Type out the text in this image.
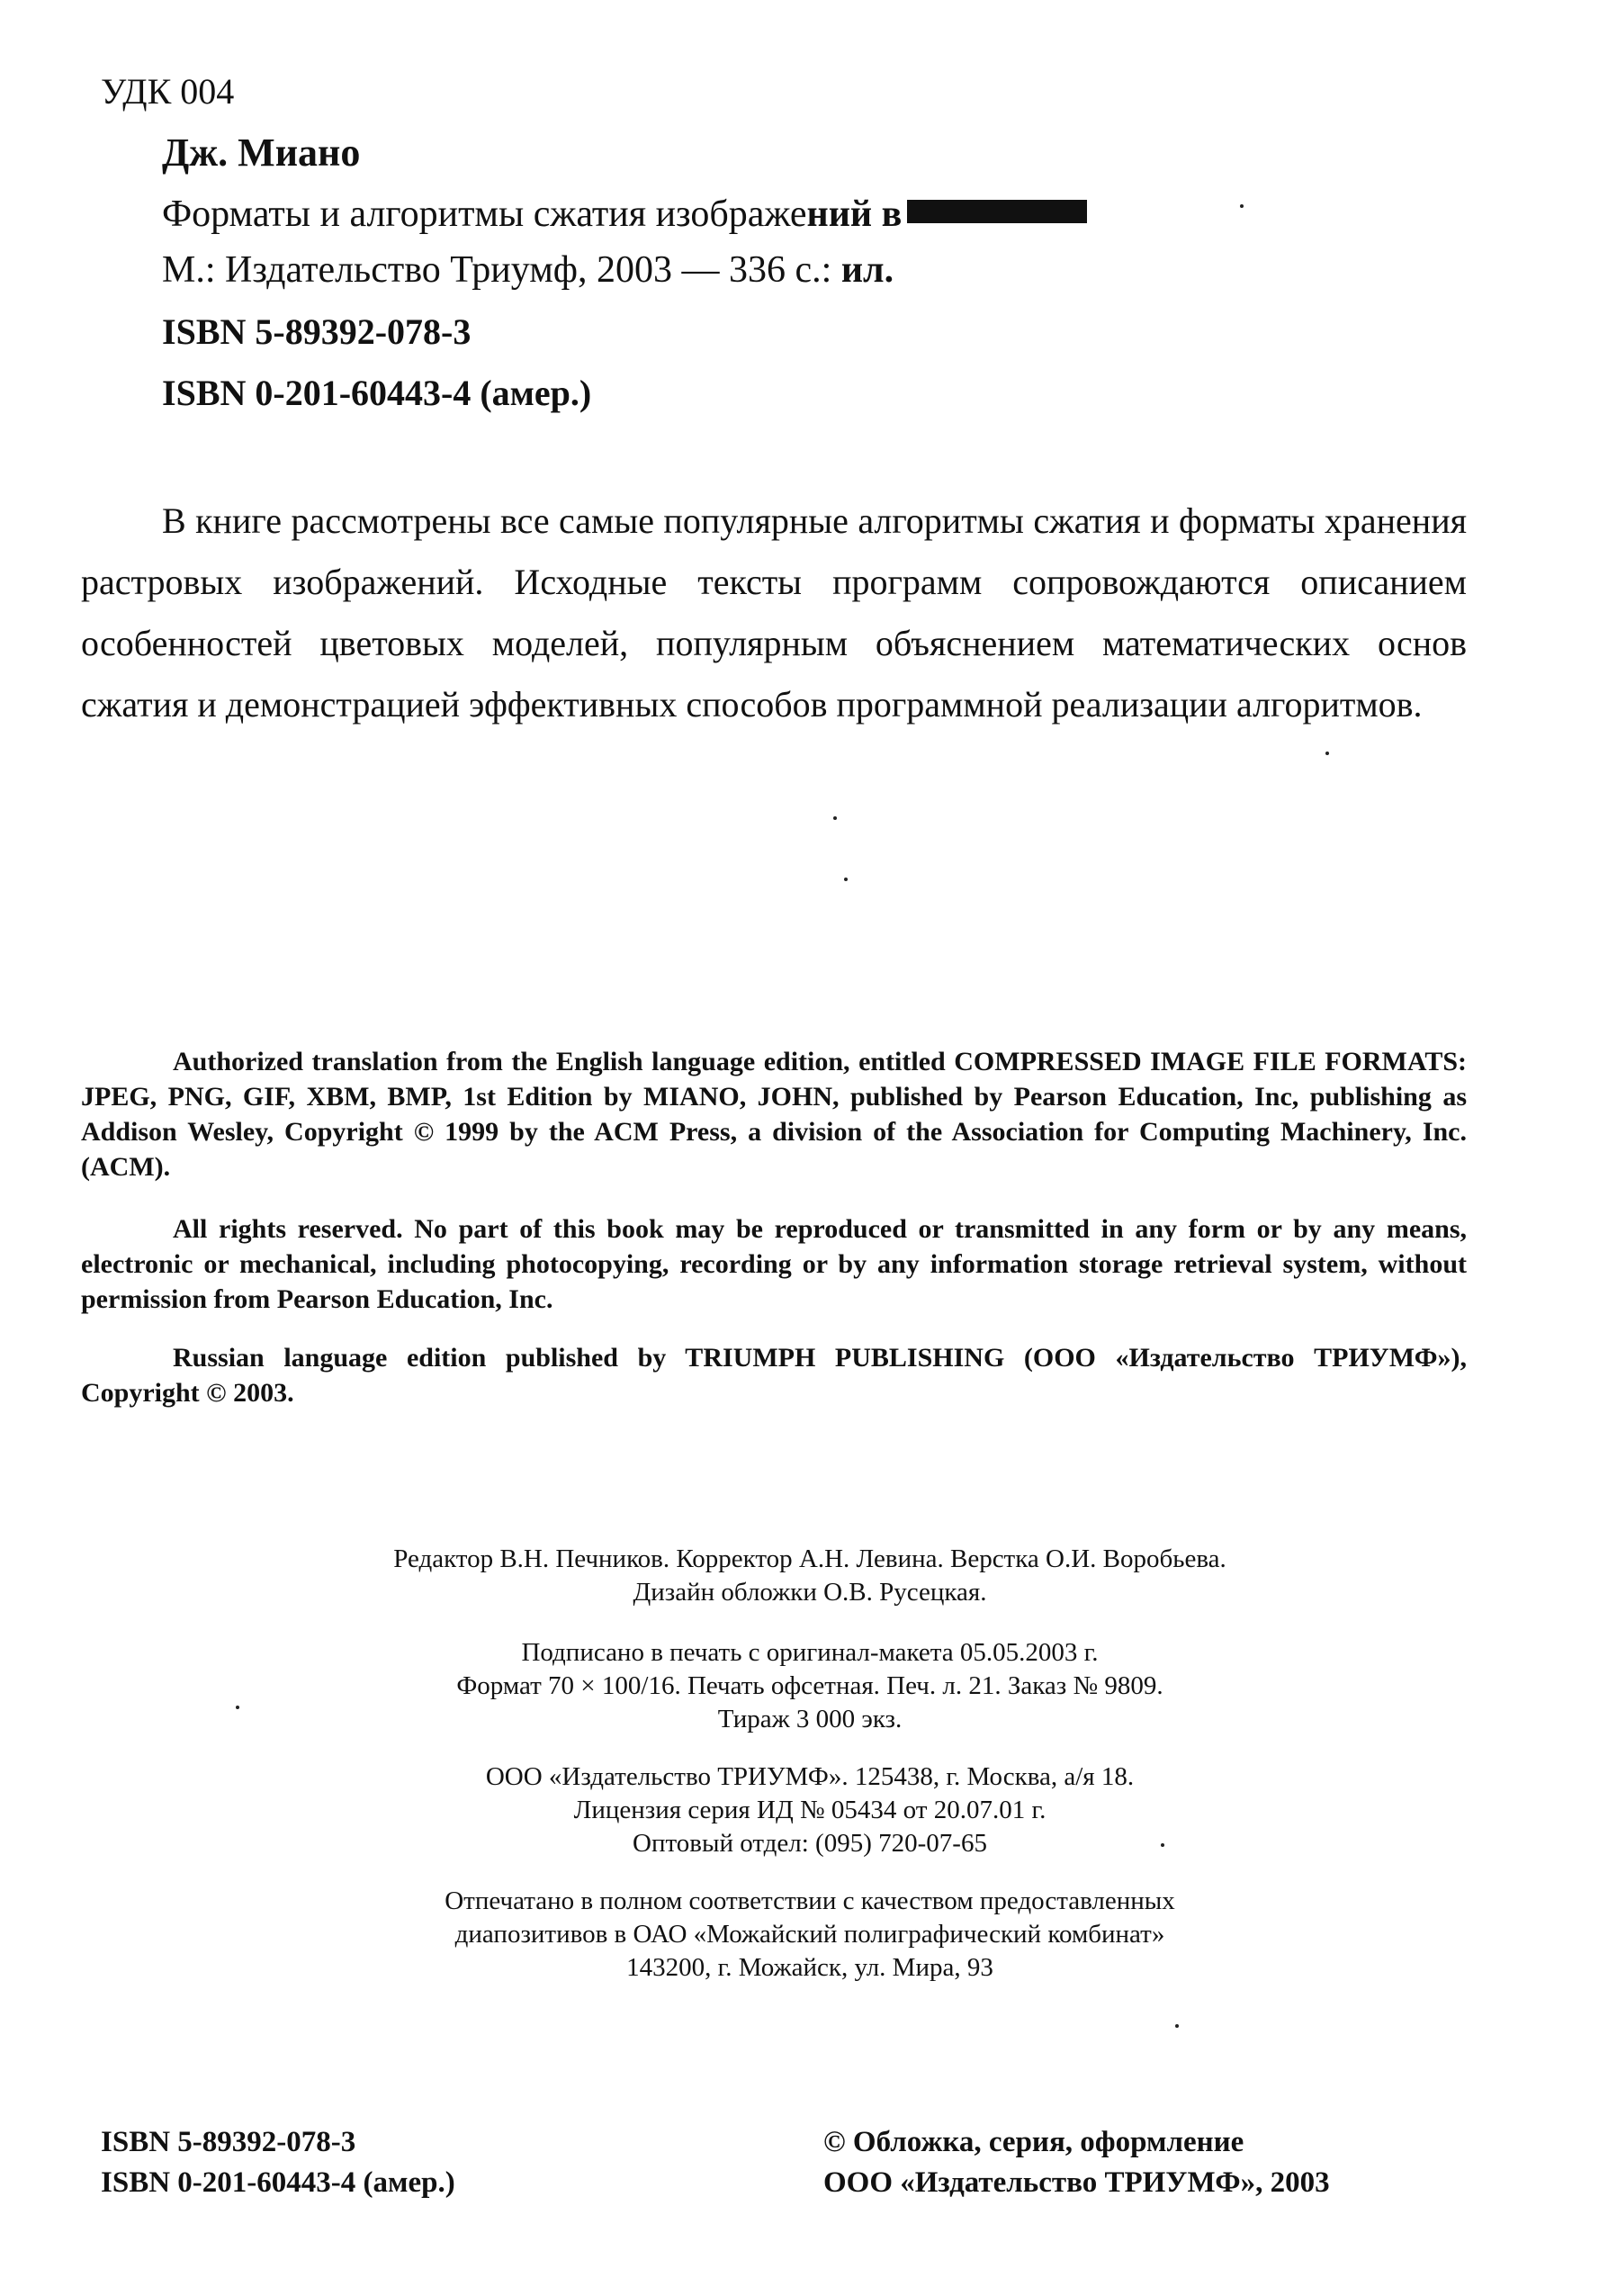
УДК 004
Дж. Миано
Форматы и алгоритмы сжатия изображений в
М.: Издательство Триумф, 2003 — 336 с.: ил.
ISBN 5-89392-078-3
ISBN 0-201-60443-4 (амер.)
В книге рассмотрены все самые популярные алгоритмы сжатия и форматы хранения растровых изображений. Исходные тексты программ сопровождаются описанием особенностей цветовых моделей, популярным объяснением математических основ сжатия и демонстрацией эффективных способов программной реализации алгоритмов.
Authorized translation from the English language edition, entitled COMPRESSED IMAGE FILE FORMATS: JPEG, PNG, GIF, XBM, BMP, 1st Edition by MIANO, JOHN, published by Pearson Education, Inc, publishing as Addison Wesley, Copyright © 1999 by the ACM Press, a division of the Association for Computing Machinery, Inc. (ACM).
All rights reserved. No part of this book may be reproduced or transmitted in any form or by any means, electronic or mechanical, including photocopying, recording or by any information storage retrieval system, without permission from Pearson Education, Inc.
Russian language edition published by TRIUMPH PUBLISHING (ООО «Издательство ТРИУМФ»), Copyright © 2003.
Редактор В.Н. Печников. Корректор А.Н. Левина. Верстка О.И. Воробьева.
Дизайн обложки О.В. Русецкая.
Подписано в печать с оригинал-макета 05.05.2003 г.
Формат 70 × 100/16. Печать офсетная. Печ. л. 21. Заказ № 9809.
Тираж 3 000 экз.
ООО «Издательство ТРИУМФ». 125438, г. Москва, а/я 18.
Лицензия серия ИД № 05434 от 20.07.01 г.
Оптовый отдел: (095) 720-07-65
Отпечатано в полном соответствии с качеством предоставленных
диапозитивов в ОАО «Можайский полиграфический комбинат»
143200, г. Можайск, ул. Мира, 93
ISBN 5-89392-078-3
ISBN 0-201-60443-4 (амер.)
© Обложка, серия, оформление
ООО «Издательство ТРИУМФ», 2003
